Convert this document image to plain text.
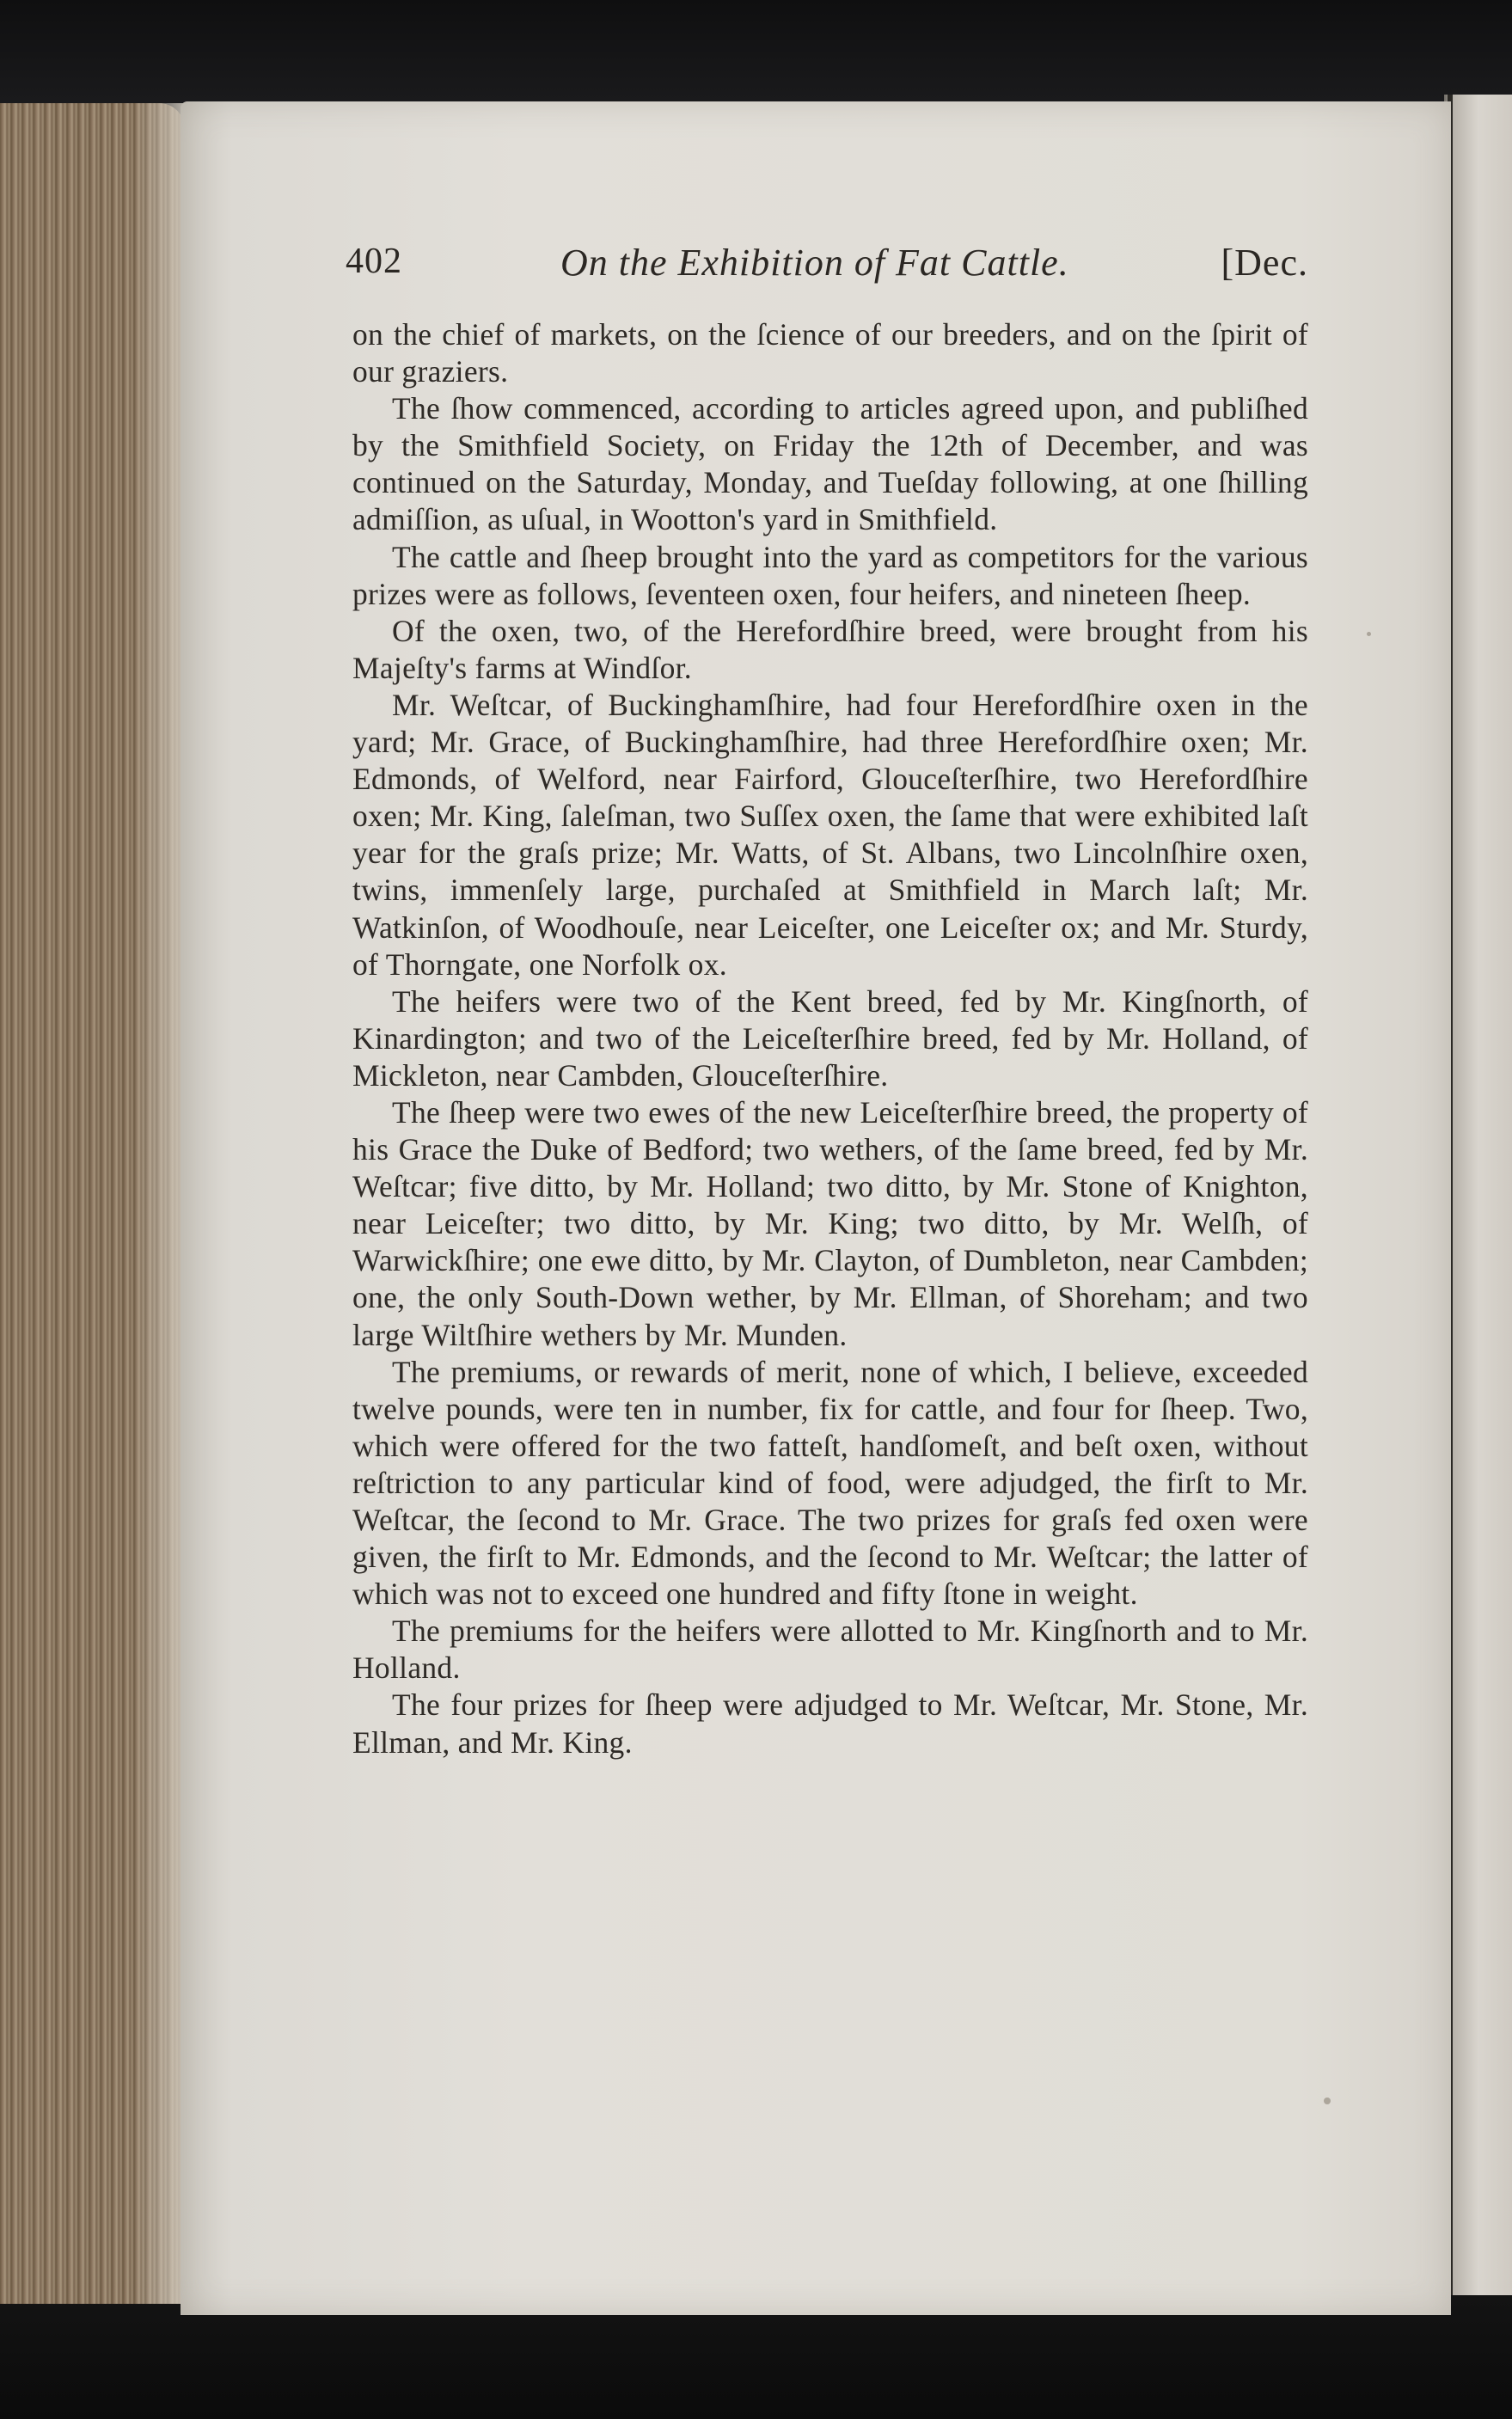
402	On the Exhibition of Fat Cattle.	[Dec.

on the chief of markets, on the ſcience of our breeders, and on the ſpirit of our graziers.

The ſhow commenced, according to articles agreed upon, and publiſhed by the Smithfield Society, on Friday the 12th of December, and was continued on the Saturday, Monday, and Tueſday following, at one ſhilling admiſſion, as uſual, in Wootton's yard in Smithfield.

The cattle and ſheep brought into the yard as competitors for the various prizes were as follows, ſeventeen oxen, four heifers, and nineteen ſheep.

Of the oxen, two, of the Herefordſhire breed, were brought from his Majeſty's farms at Windſor.

Mr. Weſtcar, of Buckinghamſhire, had four Herefordſhire oxen in the yard; Mr. Grace, of Buckinghamſhire, had three Herefordſhire oxen; Mr. Edmonds, of Welford, near Fairford, Glouceſterſhire, two Herefordſhire oxen; Mr. King, ſaleſman, two Suſſex oxen, the ſame that were exhibited laſt year for the graſs prize; Mr. Watts, of St. Albans, two Lincolnſhire oxen, twins, immenſely large, purchaſed at Smithfield in March laſt; Mr. Watkinſon, of Woodhouſe, near Leiceſter, one Leiceſter ox; and Mr. Sturdy, of Thorngate, one Norfolk ox.

The heifers were two of the Kent breed, fed by Mr. Kingſnorth, of Kinardington; and two of the Leiceſterſhire breed, fed by Mr. Holland, of Mickleton, near Cambden, Glouceſterſhire.

The ſheep were two ewes of the new Leiceſterſhire breed, the property of his Grace the Duke of Bedford; two wethers, of the ſame breed, fed by Mr. Weſtcar; five ditto, by Mr. Holland; two ditto, by Mr. Stone of Knighton, near Leiceſter; two ditto, by Mr. King; two ditto, by Mr. Welſh, of Warwickſhire; one ewe ditto, by Mr. Clayton, of Dumbleton, near Cambden; one, the only South-Down wether, by Mr. Ellman, of Shoreham; and two large Wiltſhire wethers by Mr. Munden.

The premiums, or rewards of merit, none of which, I believe, exceeded twelve pounds, were ten in number, fix for cattle, and four for ſheep. Two, which were offered for the two fatteſt, handſomeſt, and beſt oxen, without reſtriction to any particular kind of food, were adjudged, the firſt to Mr. Weſtcar, the ſecond to Mr. Grace. The two prizes for graſs fed oxen were given, the firſt to Mr. Edmonds, and the ſecond to Mr. Weſtcar; the latter of which was not to exceed one hundred and fifty ſtone in weight.

The premiums for the heifers were allotted to Mr. Kingſnorth and to Mr. Holland.

The four prizes for ſheep were adjudged to Mr. Weſtcar, Mr. Stone, Mr. Ellman, and Mr. King.
